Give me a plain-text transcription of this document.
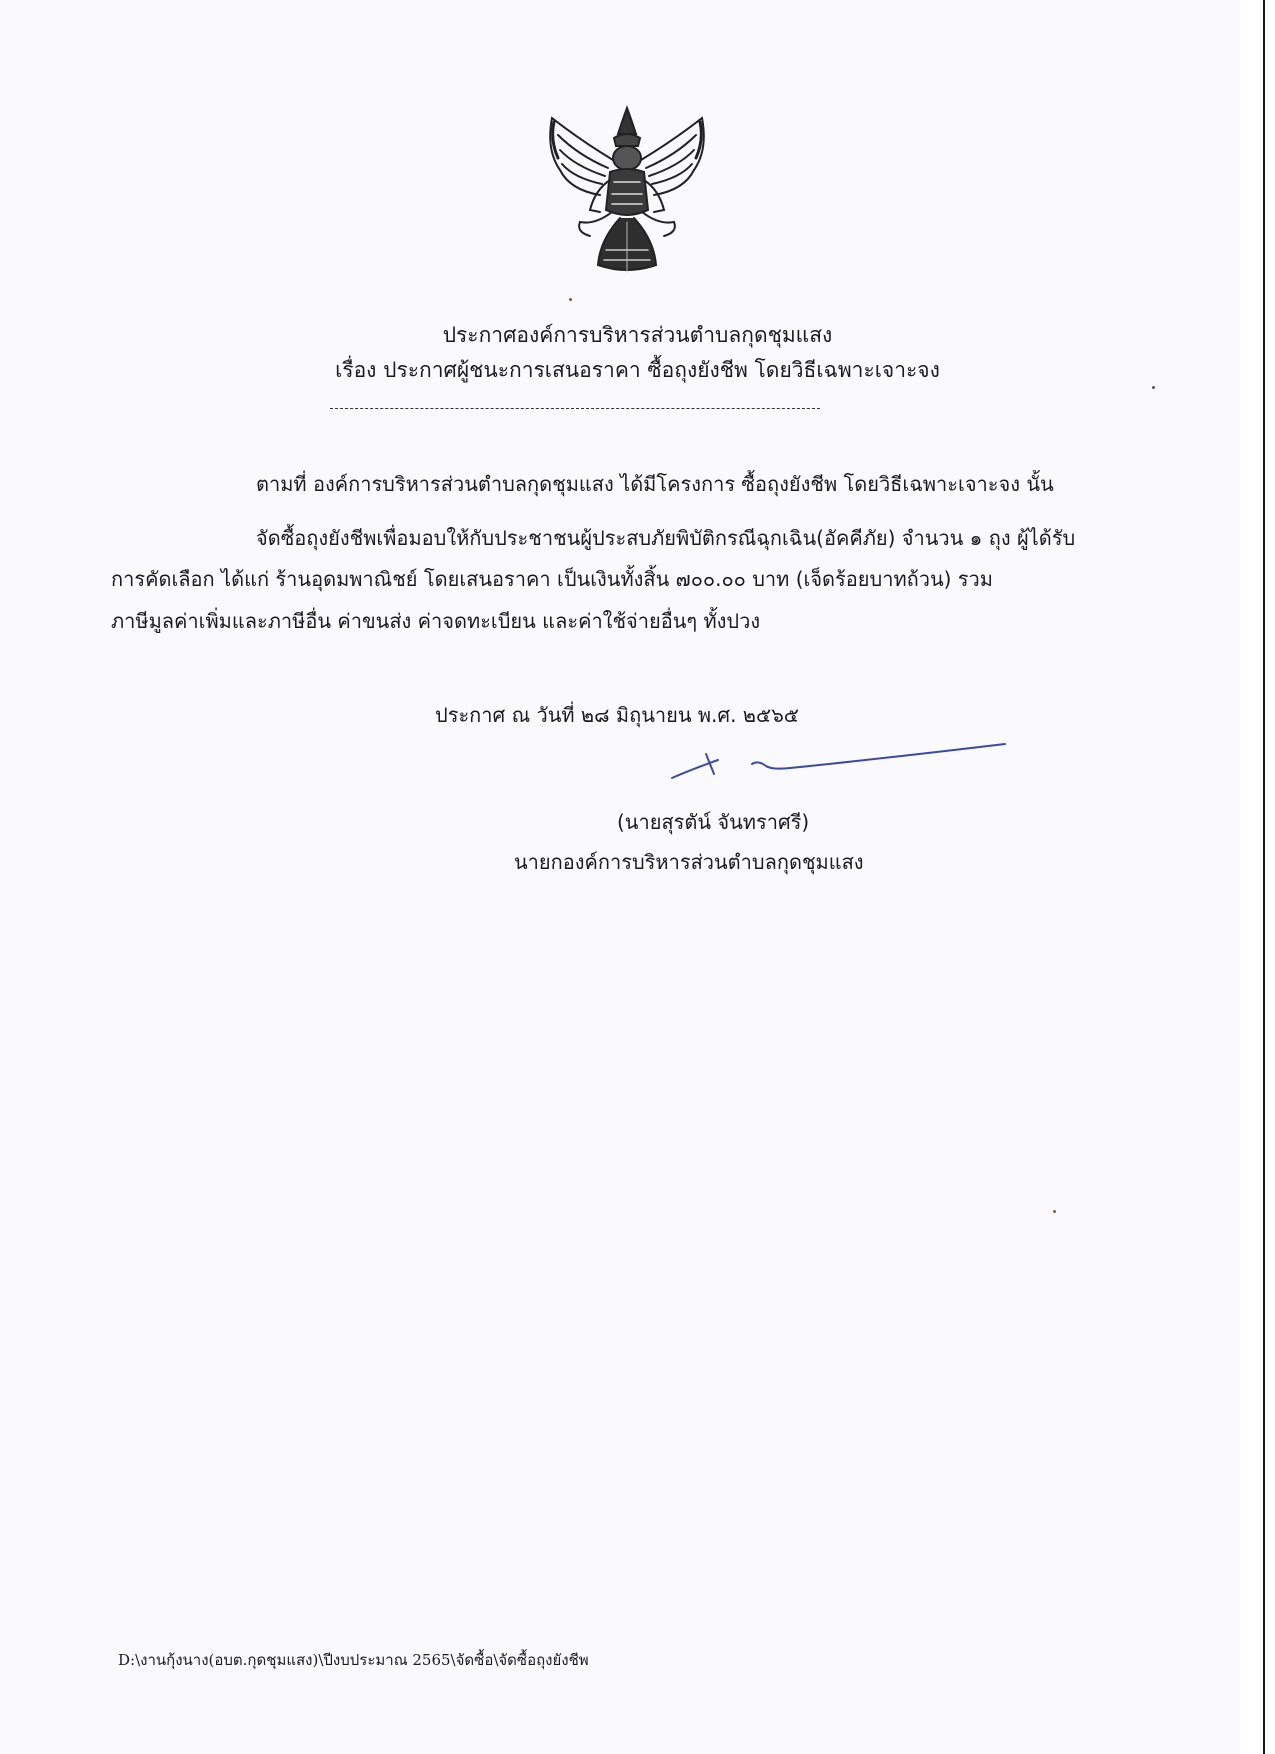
ประกาศองค์การบริหารส่วนตำบลกุดชุมแสง
เรื่อง ประกาศผู้ชนะการเสนอราคา ซื้อถุงยังชีพ โดยวิธีเฉพาะเจาะจง
ตามที่ องค์การบริหารส่วนตำบลกุดชุมแสง ได้มีโครงการ ซื้อถุงยังชีพ โดยวิธีเฉพาะเจาะจง นั้น
จัดซื้อถุงยังชีพเพื่อมอบให้กับประชาชนผู้ประสบภัยพิบัติกรณีฉุกเฉิน(อัคคีภัย) จำนวน ๑ ถุง ผู้ได้รับ
การคัดเลือก ได้แก่ ร้านอุดมพาณิชย์ โดยเสนอราคา เป็นเงินทั้งสิ้น ๗๐๐.๐๐ บาท (เจ็ดร้อยบาทถ้วน) รวม
ภาษีมูลค่าเพิ่มและภาษีอื่น ค่าขนส่ง ค่าจดทะเบียน และค่าใช้จ่ายอื่นๆ ทั้งปวง
ประกาศ ณ วันที่ ๒๘ มิถุนายน พ.ศ. ๒๕๖๕
(นายสุรตัน์ จันทราศรี)
นายกองค์การบริหารส่วนตำบลกุดชุมแสง
D:\งานกุ้งนาง(อบต.กุดชุมแสง)\ปีงบประมาณ 2565\จัดซื้อ\จัดซื้อถุงยังชีพ
